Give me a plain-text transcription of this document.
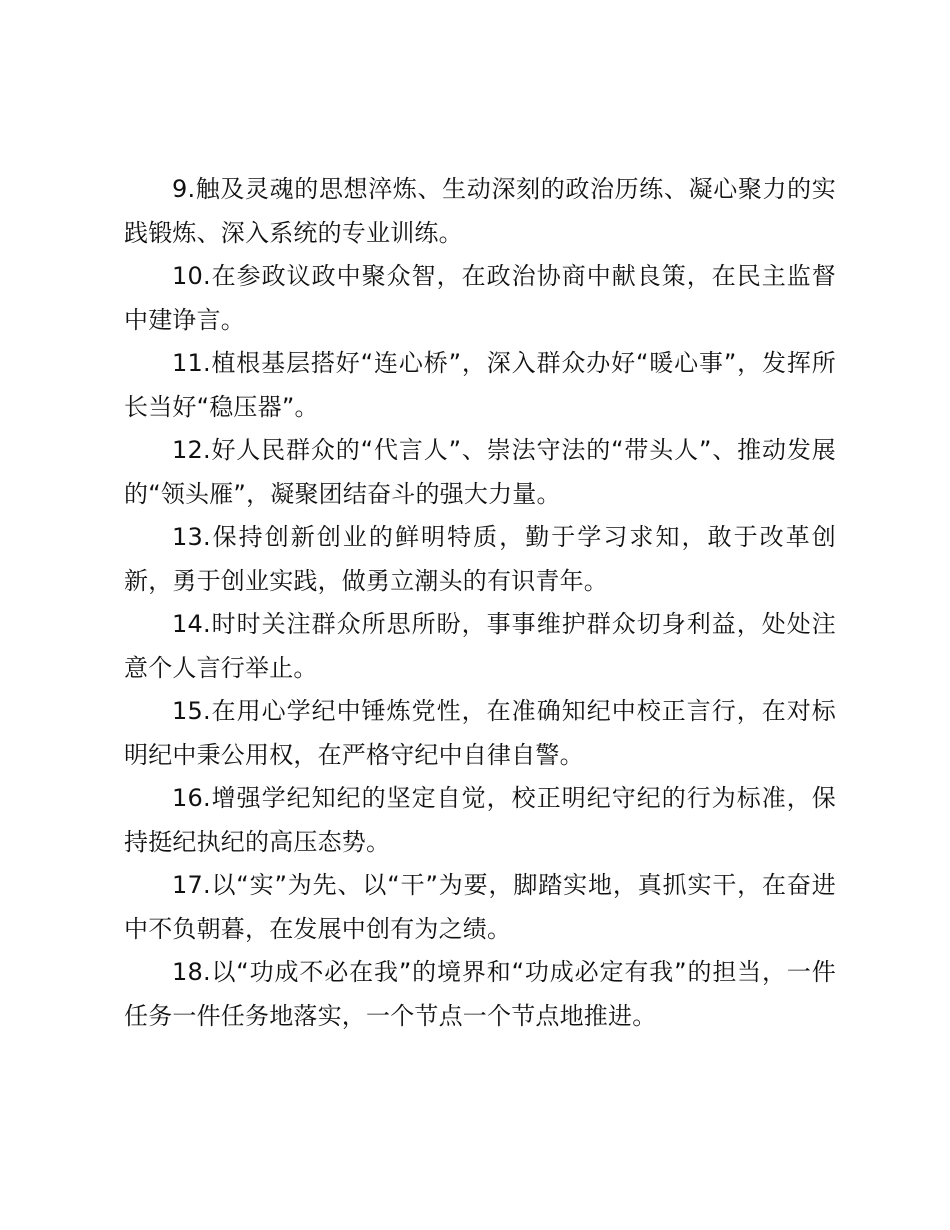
9.触及灵魂的思想淬炼、生动深刻的政治历练、凝心聚力的实践锻炼、深入系统的专业训练。

10.在参政议政中聚众智，在政治协商中献良策，在民主监督中建诤言。

11.植根基层搭好“连心桥”，深入群众办好“暖心事”，发挥所长当好“稳压器”。

12.好人民群众的“代言人”、崇法守法的“带头人”、推动发展的“领头雁”，凝聚团结奋斗的强大力量。

13.保持创新创业的鲜明特质，勤于学习求知，敢于改革创新，勇于创业实践，做勇立潮头的有识青年。

14.时时关注群众所思所盼，事事维护群众切身利益，处处注意个人言行举止。

15.在用心学纪中锤炼党性，在准确知纪中校正言行，在对标明纪中秉公用权，在严格守纪中自律自警。

16.增强学纪知纪的坚定自觉，校正明纪守纪的行为标准，保持挺纪执纪的高压态势。

17.以“实”为先、以“干”为要，脚踏实地，真抓实干，在奋进中不负朝暮，在发展中创有为之绩。

18.以“功成不必在我”的境界和“功成必定有我”的担当，一件任务一件任务地落实，一个节点一个节点地推进。
